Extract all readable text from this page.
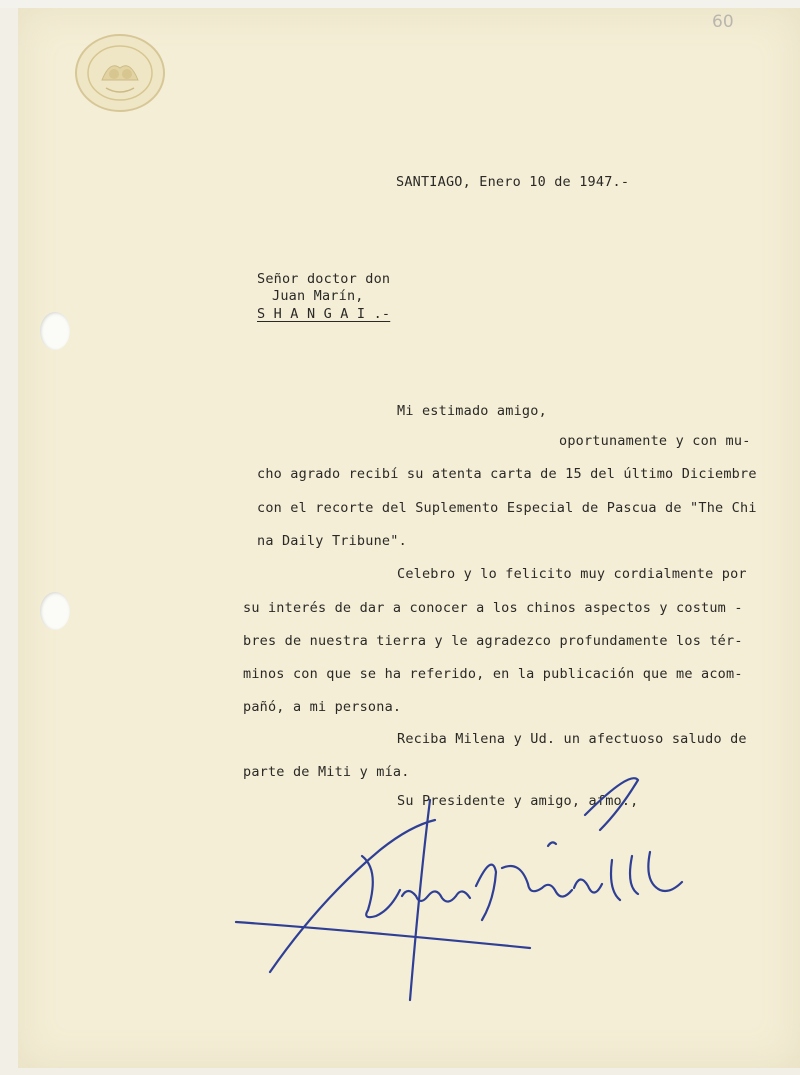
60
SANTIAGO, Enero 10 de 1947.-
Señor doctor don
Juan Marín,
S H A N G A I .-
Mi estimado amigo,
oportunamente y con mu-
cho agrado recibí su atenta carta de 15 del último Diciembre
con el recorte del Suplemento Especial de Pascua de "The Chi
na Daily Tribune".
Celebro y lo felicito muy cordialmente por
su interés de dar a conocer a los chinos aspectos y costum -
bres de nuestra tierra y le agradezco profundamente los tér-
minos con que se ha referido, en la publicación que me acom-
pañó, a mi persona.
Reciba Milena y Ud. un afectuoso saludo de
parte de Miti y mía.
Su Presidente y amigo, afmo.,
